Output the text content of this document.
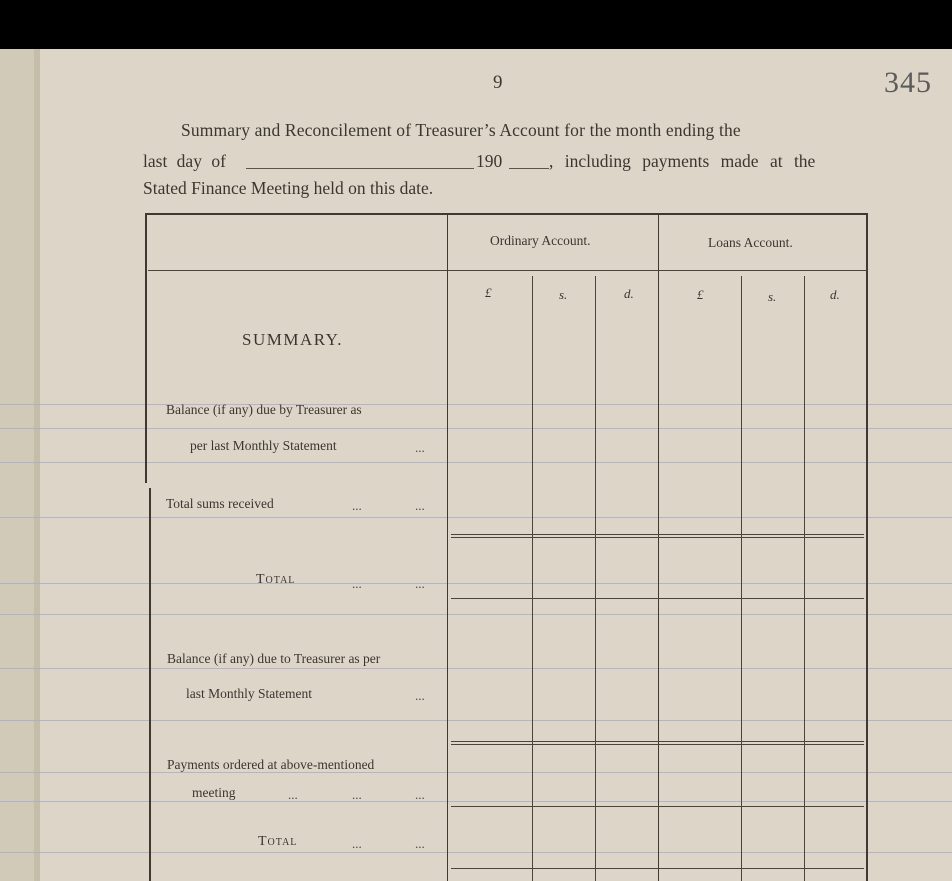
9	345
Summary and Reconcilement of Treasurer’s Account for the month ending the
last day of	190	, including payments made at the
Stated Finance Meeting held on this date.
Ordinary Account.	Loans Account.
£	s.	d.	£	s.	d.
SUMMARY.
Balance (if any) due by Treasurer as
per last Monthly Statement	...
Total sums received	...	...
Total	...	...
Balance (if any) due to Treasurer as per
last Monthly Statement	...
Payments ordered at above-mentioned
meeting	...	...	...
Total	...	...
